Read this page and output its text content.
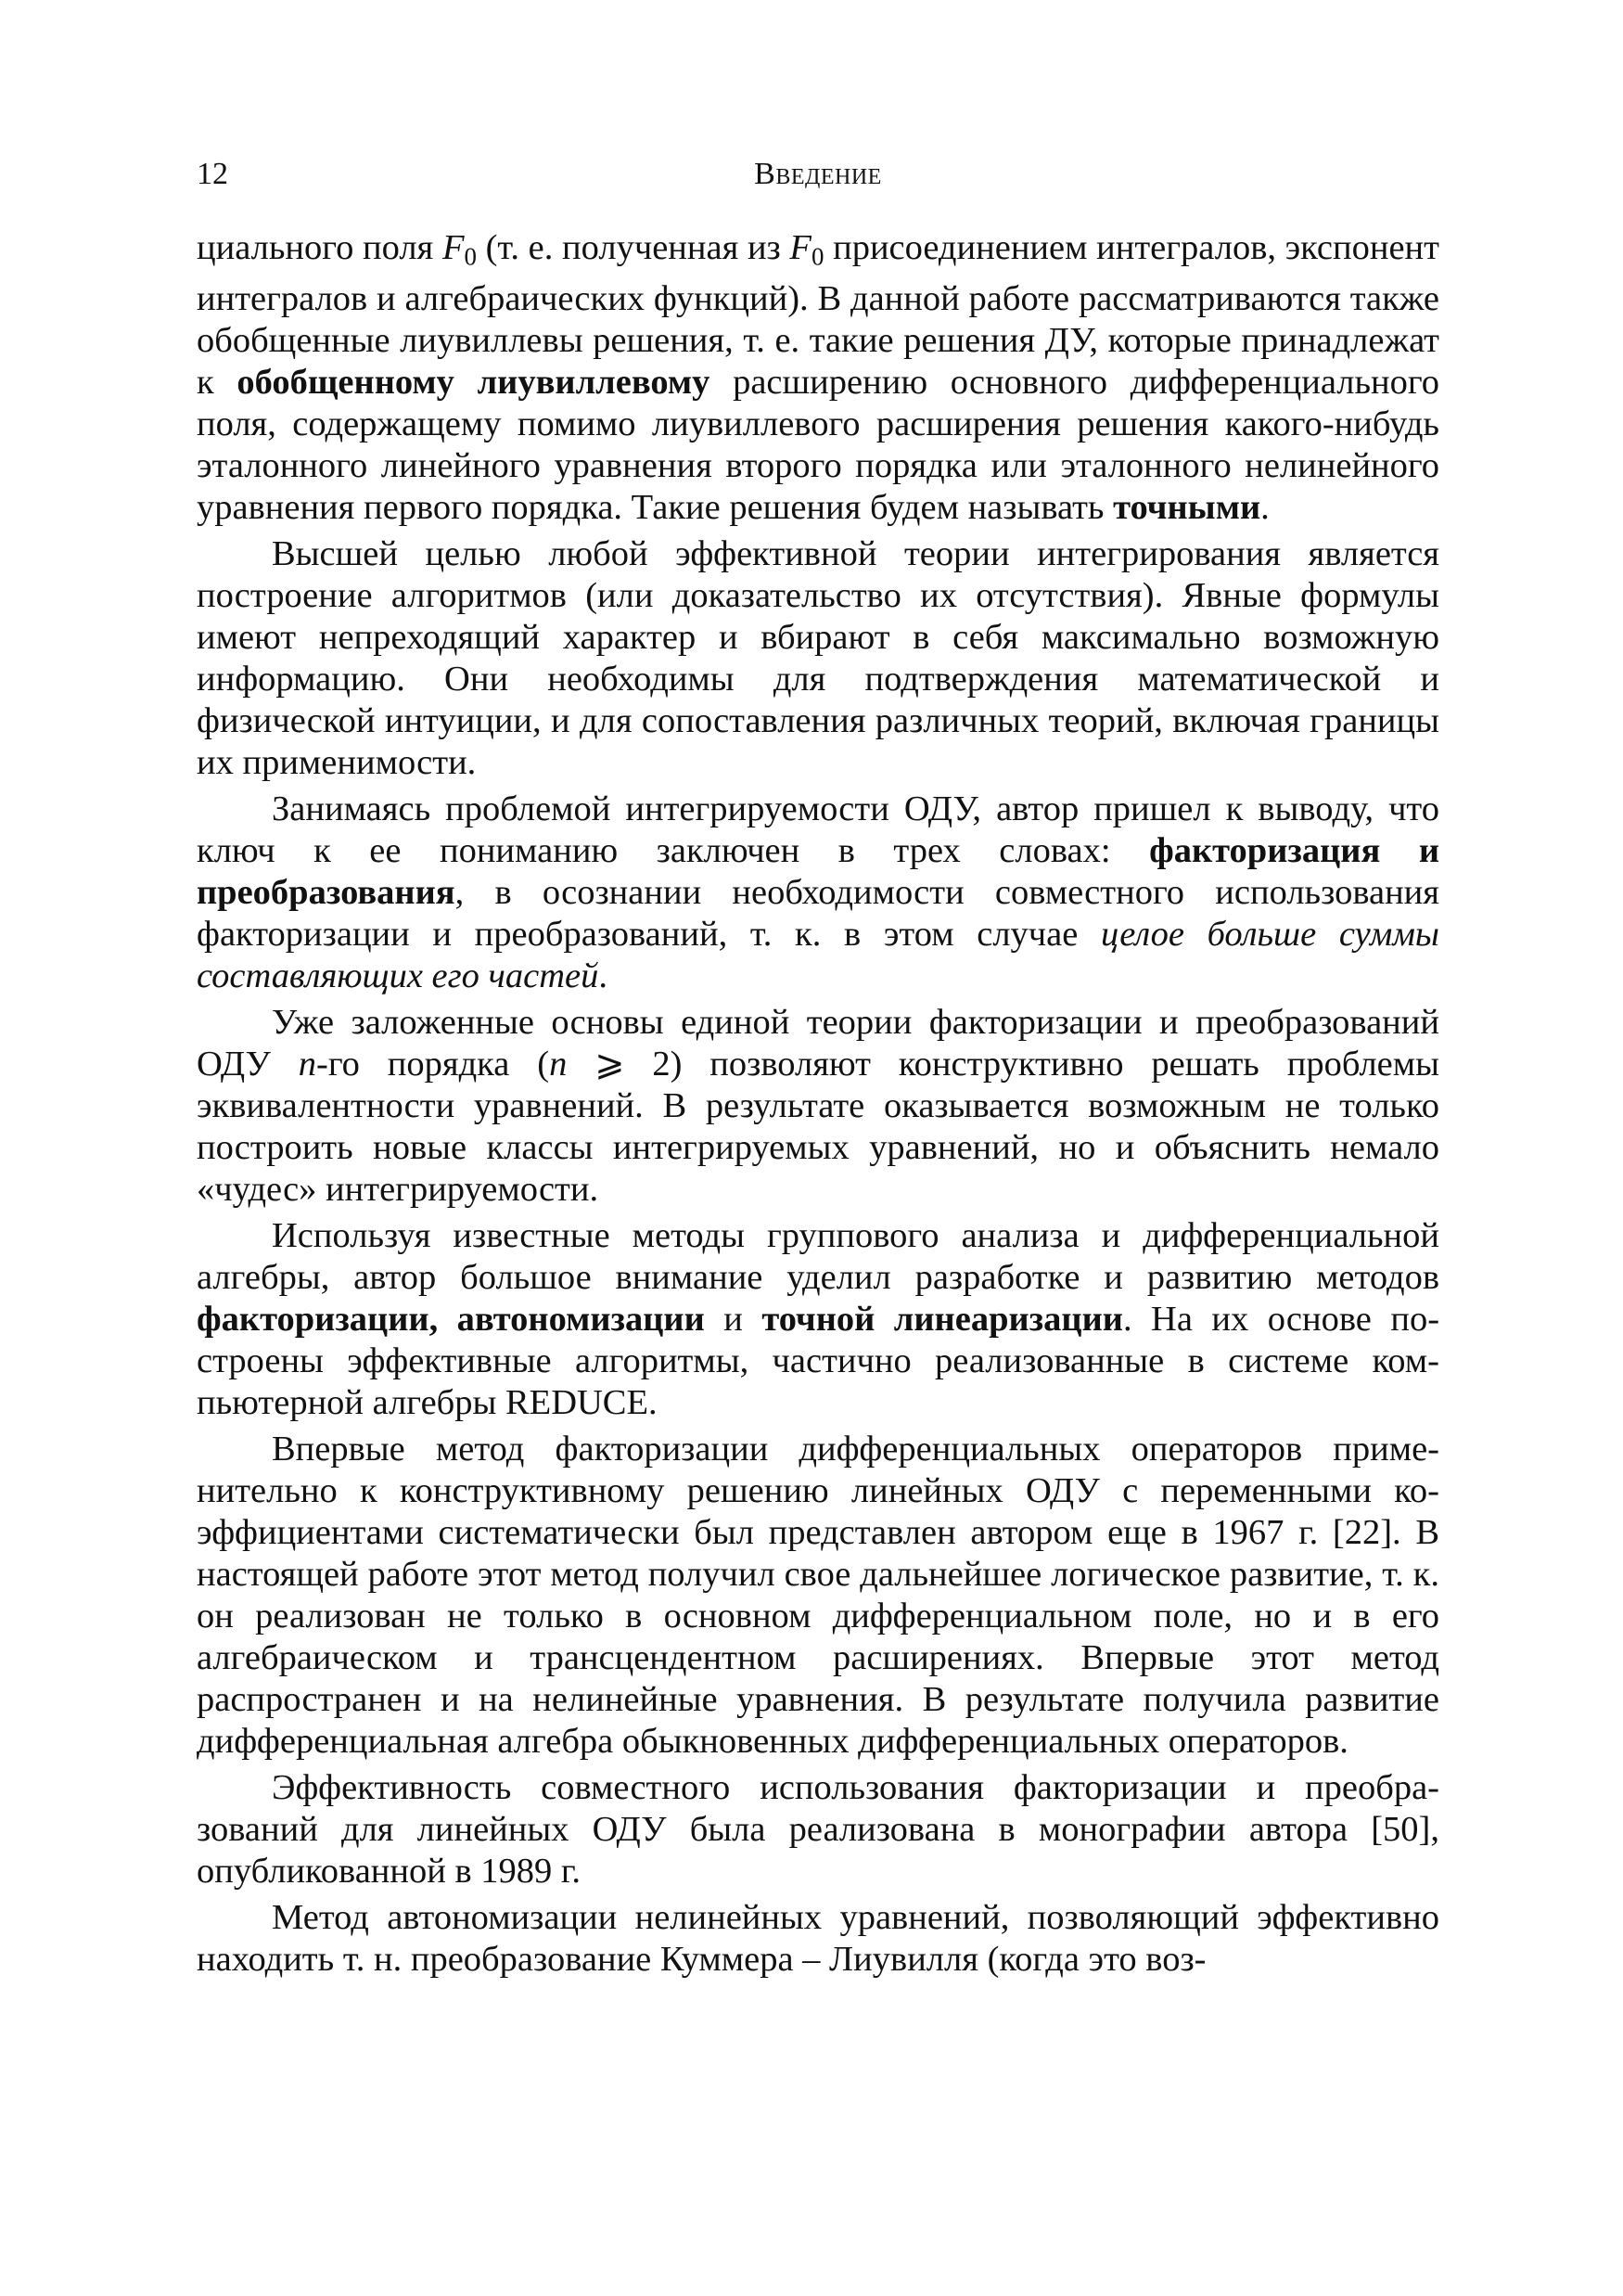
12	Введение

циального поля $F_0$ (т. е. полученная из $F_0$ присоединением интегралов, экспонент интегралов и алгебраических функций). В данной работе рассматриваются также обобщенные лиувиллевы решения, т. е. такие решения ДУ, которые принадлежат к обобщенному лиувиллевому расширению основного дифференциального поля, содержащему помимо лиувиллевого расширения решения какого-нибудь эталонного линейного уравнения второго порядка или эталонного нелинейного уравнения первого порядка. Такие решения будем называть точными.

Высшей целью любой эффективной теории интегрирования является построение алгоритмов (или доказательство их отсутствия). Явные формулы имеют непреходящий характер и вбирают в себя максимально возможную информацию. Они необходимы для подтверждения математической и физической интуиции, и для сопоставления различных теорий, включая границы их применимости.

Занимаясь проблемой интегрируемости ОДУ, автор пришел к выводу, что ключ к ее пониманию заключен в трех словах: факторизация и преобразования, в осознании необходимости совместного использования факторизации и преобразований, т. к. в этом случае целое больше суммы составляющих его частей.

Уже заложенные основы единой теории факторизации и преобразований ОДУ n-го порядка (n ⩾ 2) позволяют конструктивно решать проблемы эквивалентности уравнений. В результате оказывается возможным не только построить новые классы интегрируемых уравнений, но и объяснить немало «чудес» интегрируемости.

Используя известные методы группового анализа и дифференциальной алгебры, автор большое внимание уделил разработке и развитию методов факторизации, автономизации и точной линеаризации. На их основе построены эффективные алгоритмы, частично реализованные в системе компьютерной алгебры REDUCE.

Впервые метод факторизации дифференциальных операторов применительно к конструктивному решению линейных ОДУ с переменными коэффициентами систематически был представлен автором еще в 1967 г. [22]. В настоящей работе этот метод получил свое дальнейшее логическое развитие, т. к. он реализован не только в основном дифференциальном поле, но и в его алгебраическом и трансцендентном расширениях. Впервые этот метод распространен и на нелинейные уравнения. В результате получила развитие дифференциальная алгебра обыкновенных дифференциальных операторов.

Эффективность совместного использования факторизации и преобразований для линейных ОДУ была реализована в монографии автора [50], опубликованной в 1989 г.

Метод автономизации нелинейных уравнений, позволяющий эффективно находить т. н. преобразование Куммера – Лиувилля (когда это воз-
